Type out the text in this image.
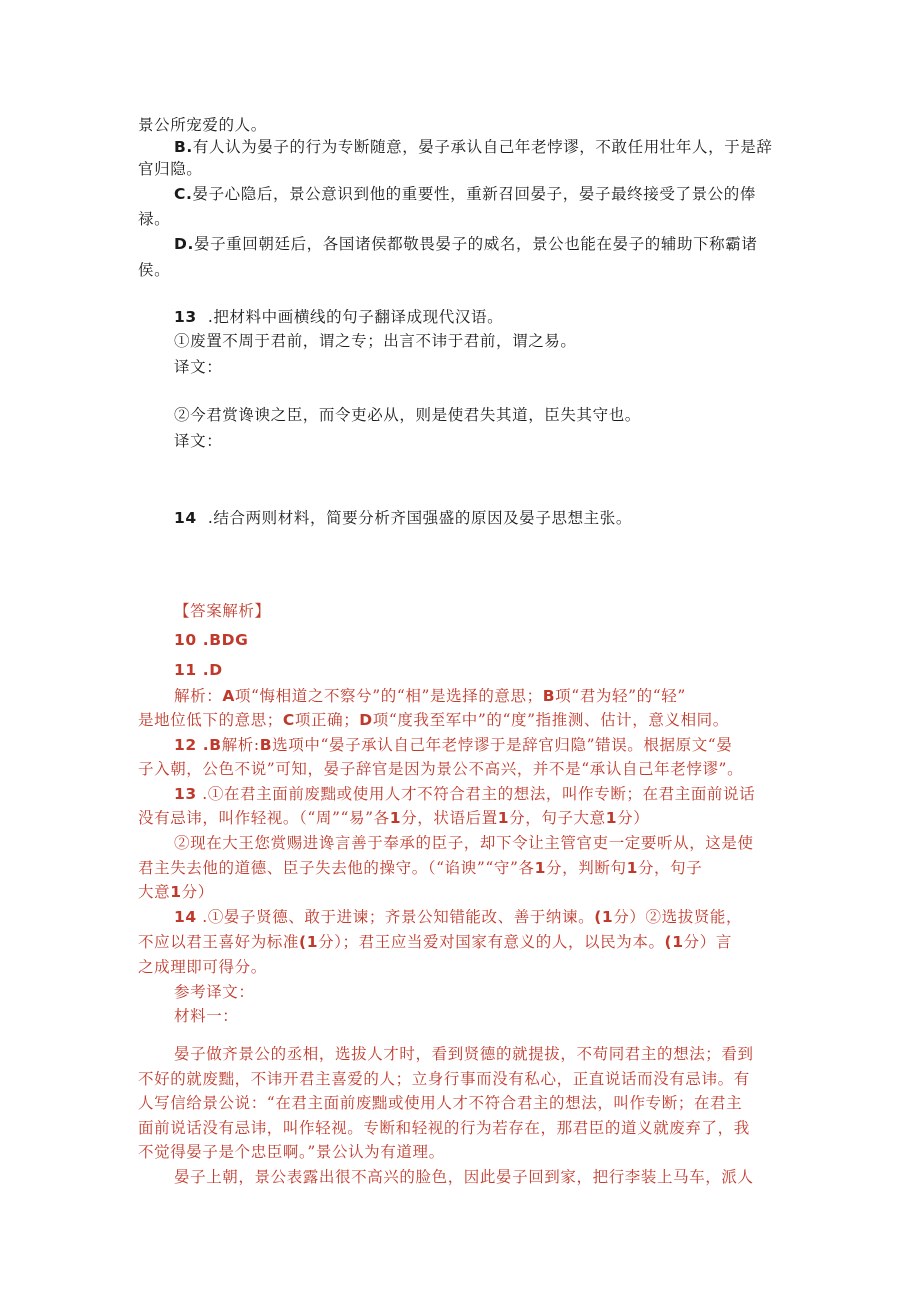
景公所宠爱的人。
B.有人认为晏子的行为专断随意，晏子承认自己年老悖谬，不敢任用壮年人，于是辞
官归隐。
C.晏子心隐后，景公意识到他的重要性，重新召回晏子，晏子最终接受了景公的俸
禄。
D.晏子重回朝廷后，各国诸侯都敬畏晏子的威名，景公也能在晏子的辅助下称霸诸
侯。
13 .把材料中画横线的句子翻译成现代汉语。
①废置不周于君前，谓之专；出言不讳于君前，谓之易。
译文：
②今君赏谗谀之臣，而令吏必从，则是使君失其道，臣失其守也。
译文：
14 .结合两则材料，简要分析齐国强盛的原因及晏子思想主张。
【答案解析】
10 .BDG
11 .D
解析：A项“悔相道之不察兮”的“相”是选择的意思；B项“君为轻”的“轻”
是地位低下的意思；C项正确；D项“度我至军中”的“度”指推测、估计，意义相同。
12 .B解析:B选项中“晏子承认自己年老悖谬于是辞官归隐”错误。根据原文“晏
子入朝，公色不说”可知，晏子辞官是因为景公不高兴，并不是“承认自己年老悖谬”。
13 .①在君主面前废黜或使用人才不符合君主的想法，叫作专断；在君主面前说话
没有忌讳，叫作轻视。（“周”“易”各1分，状语后置1分，句子大意1分）
②现在大王您赏赐进谗言善于奉承的臣子，却下令让主管官吏一定要听从，这是使
君主失去他的道德、臣子失去他的操守。（“谄谀”“守”各1分，判断句1分，句子
大意1分）
14 .①晏子贤德、敢于进谏；齐景公知错能改、善于纳谏。(1分）②选拔贤能，
不应以君王喜好为标准(1分）；君王应当爱对国家有意义的人，以民为本。(1分）言
之成理即可得分。
参考译文：
材料一：
晏子做齐景公的丞相，选拔人才时，看到贤德的就提拔，不苟同君主的想法；看到
不好的就废黜，不讳开君主喜爱的人；立身行事而没有私心，正直说话而没有忌讳。有
人写信给景公说：“在君主面前废黜或使用人才不符合君主的想法，叫作专断；在君主
面前说话没有忌讳，叫作轻视。专断和轻视的行为若存在，那君臣的道义就废弃了，我
不觉得晏子是个忠臣啊。”景公认为有道理。
晏子上朝，景公表露出很不高兴的脸色，因此晏子回到家，把行李装上马车，派人
